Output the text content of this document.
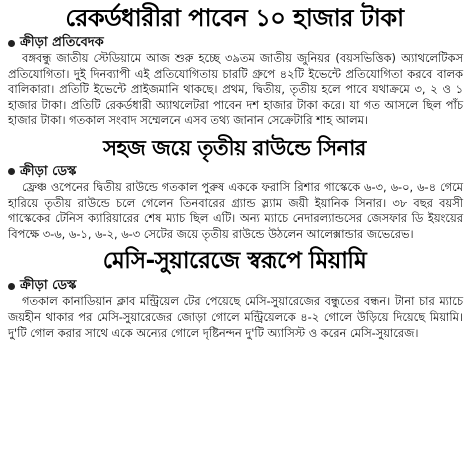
রেকর্ডধারীরা পাবেন ১০ হাজার টাকা
ক্রীড়া প্রতিবেদক
বঙ্গবন্ধু জাতীয় স্টেডিয়ামে আজ শুরু হচ্ছে ৩৯তম জাতীয় জুনিয়র (বয়সভিত্তিক) অ্যাথলেটিকস প্রতিযোগিতা। দুই দিনব্যাপী এই প্রতিযোগিতায় চারটি গ্রুপে ৪২টি ইভেন্টে প্রতিযোগিতা করবে বালক বালিকারা। প্রতিটি ইভেন্টে প্রাইজমানি থাকছে। প্রথম, দ্বিতীয়, তৃতীয় হলে পাবে যথাক্রমে ৩, ২ ও ১ হাজার টাকা। প্রতিটি রেকর্ডধারী অ্যাথলেটরা পাবেন দশ হাজার টাকা করে। যা গত আসলে ছিল পাঁচ হাজার টাকা। গতকাল সংবাদ সম্মেলনে এসব তথ্য জানান সেক্রেটারি শাহ আলম।
সহজ জয়ে তৃতীয় রাউন্ডে সিনার
ক্রীড়া ডেস্ক
ফ্রেঞ্চ ওপেনের দ্বিতীয় রাউন্ডে গতকাল পুরুষ এককে ফরাসি রিশার গাস্কেকে ৬-৩, ৬-০, ৬-৪ গেমে হারিয়ে তৃতীয় রাউন্ডে চলে গেলেন তিনবারের গ্র্যান্ড স্ল্যাম জয়ী ইয়ানিক সিনার। ৩৮ বছর বয়সী গাস্কেকের টেনিস ক্যারিয়ারের শেষ ম্যাচ ছিল এটি। অন্য ম্যাচে নেদারল্যান্ডসের জেসফার ডি ইয়ংয়ের বিপক্ষে ৩-৬, ৬-১, ৬-২, ৬-৩ সেটের জয়ে তৃতীয় রাউন্ডে উঠলেন আলেক্সান্ডার জভেরেভ।
মেসি-সুয়ারেজে স্বরূপে মিয়ামি
ক্রীড়া ডেস্ক
গতকাল কানাডিয়ান ক্লাব মন্ট্রিয়েল টের পেয়েছে মেসি-সুয়ারেজের বন্ধুতের বন্ধন। টানা চার ম্যাচে জয়হীন থাকার পর মেসি-সুয়ারেজের জোড়া গোলে মন্ট্রিয়েলকে ৪-২ গোলে উড়িয়ে দিয়েছে মিয়ামি। দু'টি গোল করার সাথে একে অন্যের গোলে দৃষ্টিনন্দন দু'টি অ্যাসিস্ট ও করেন মেসি-সুয়ারেজ।
